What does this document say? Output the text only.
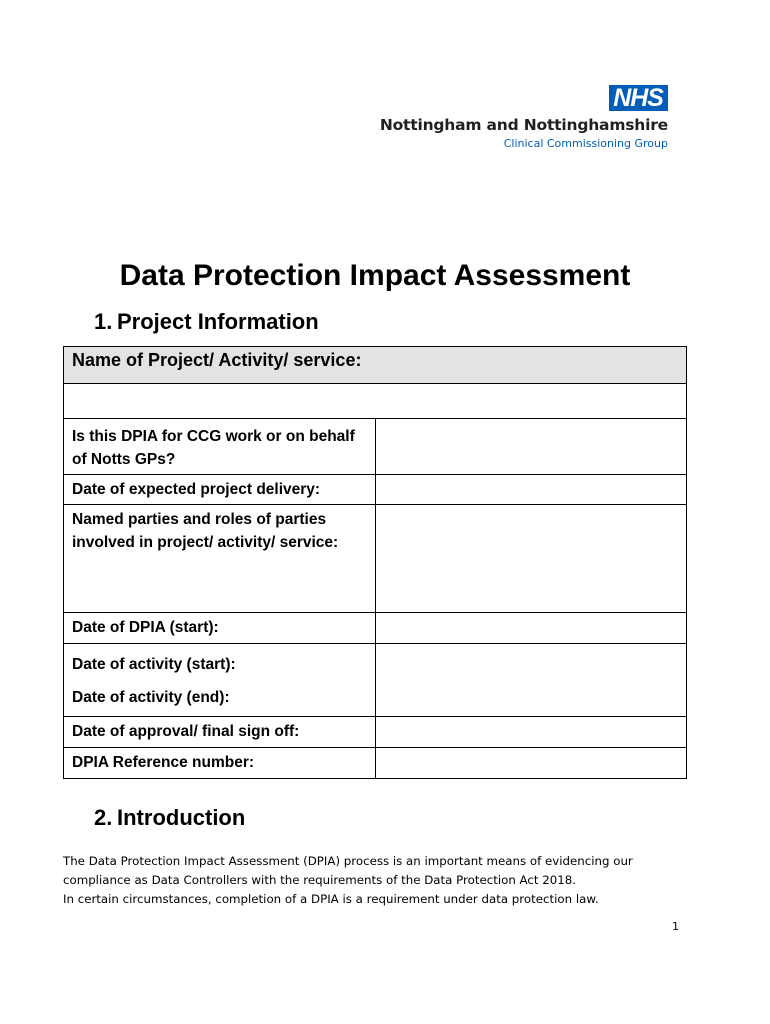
NHS
Nottingham and Nottinghamshire
Clinical Commissioning Group
Data Protection Impact Assessment
1. Project Information
Name of Project/ Activity/ service:	

Is this DPIA for CCG work or on behalf of Notts GPs?	
Date of expected project delivery:	
Named parties and roles of parties involved in project/ activity/ service:	
Date of DPIA (start):	

Date of activity (start):
Date of activity (end):	

Date of approval/ final sign off:	
DPIA Reference number:	
2. Introduction

The Data Protection Impact Assessment (DPIA) process is an important means of evidencing our
compliance as Data Controllers with the requirements of the Data Protection Act 2018.
In certain circumstances, completion of a DPIA is a requirement under data protection law.

1
